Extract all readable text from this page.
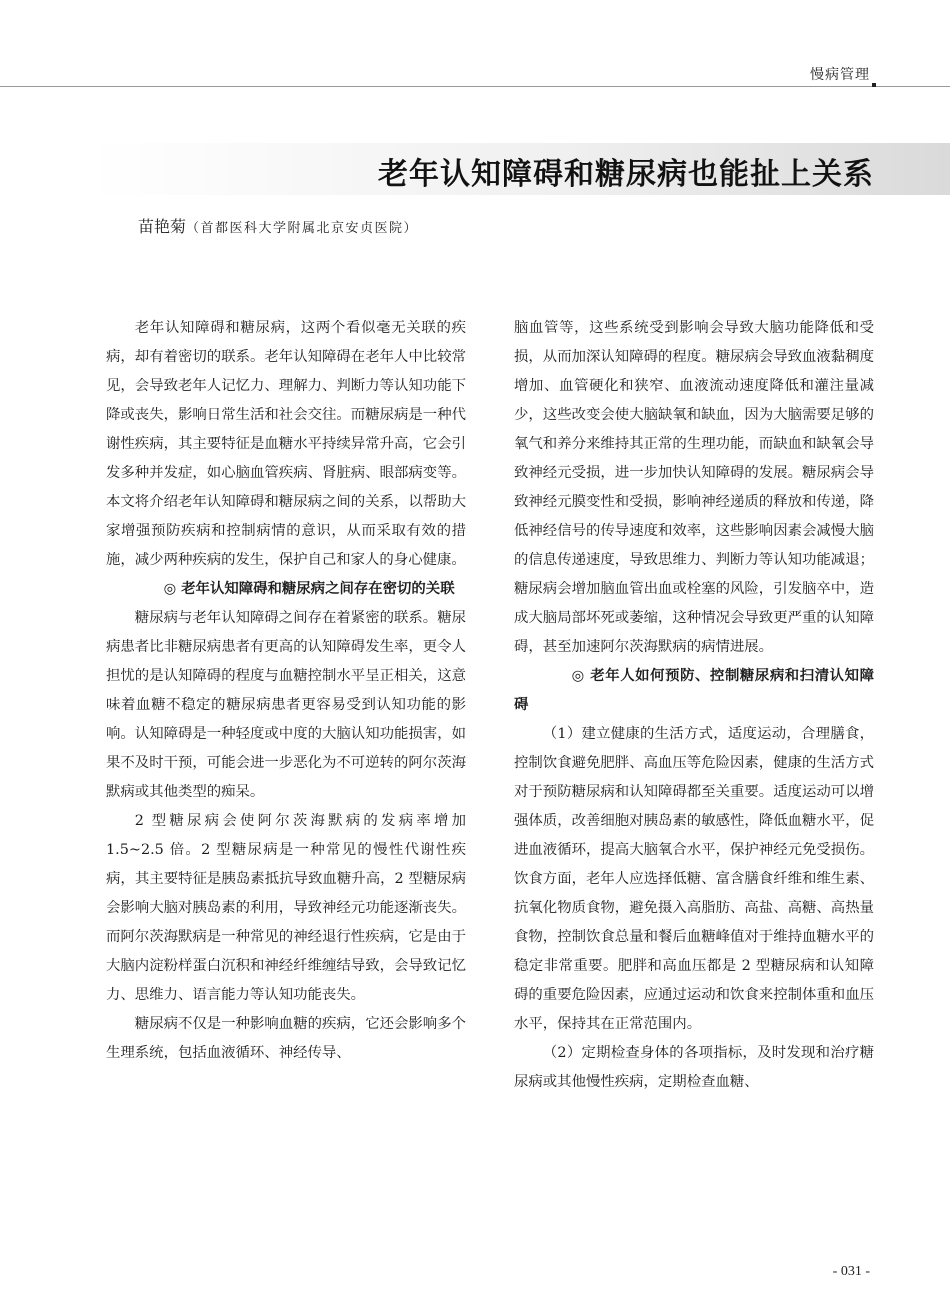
慢病管理
老年认知障碍和糖尿病也能扯上关系
苗艳菊（首都医科大学附属北京安贞医院）

老年认知障碍和糖尿病，这两个看似毫无关联的疾病，却有着密切的联系。老年认知障碍在老年人中比较常见，会导致老年人记忆力、理解力、判断力等认知功能下降或丧失，影响日常生活和社会交往。而糖尿病是一种代谢性疾病，其主要特征是血糖水平持续异常升高，它会引发多种并发症，如心脑血管疾病、肾脏病、眼部病变等。本文将介绍老年认知障碍和糖尿病之间的关系，以帮助大家增强预防疾病和控制病情的意识，从而采取有效的措施，减少两种疾病的发生，保护自己和家人的身心健康。

◎ 老年认知障碍和糖尿病之间存在密切的关联

糖尿病与老年认知障碍之间存在着紧密的联系。糖尿病患者比非糖尿病患者有更高的认知障碍发生率，更令人担忧的是认知障碍的程度与血糖控制水平呈正相关，这意味着血糖不稳定的糖尿病患者更容易受到认知功能的影响。认知障碍是一种轻度或中度的大脑认知功能损害，如果不及时干预，可能会进一步恶化为不可逆转的阿尔茨海默病或其他类型的痴呆。

2 型糖尿病会使阿尔茨海默病的发病率增加 1.5~2.5 倍。2 型糖尿病是一种常见的慢性代谢性疾病，其主要特征是胰岛素抵抗导致血糖升高，2 型糖尿病会影响大脑对胰岛素的利用，导致神经元功能逐渐丧失。而阿尔茨海默病是一种常见的神经退行性疾病，它是由于大脑内淀粉样蛋白沉积和神经纤维缠结导致，会导致记忆力、思维力、语言能力等认知功能丧失。

糖尿病不仅是一种影响血糖的疾病，它还会影响多个生理系统，包括血液循环、神经传导、

脑血管等，这些系统受到影响会导致大脑功能降低和受损，从而加深认知障碍的程度。糖尿病会导致血液黏稠度增加、血管硬化和狭窄、血液流动速度降低和灌注量减少，这些改变会使大脑缺氧和缺血，因为大脑需要足够的氧气和养分来维持其正常的生理功能，而缺血和缺氧会导致神经元受损，进一步加快认知障碍的发展。糖尿病会导致神经元膜变性和受损，影响神经递质的释放和传递，降低神经信号的传导速度和效率，这些影响因素会减慢大脑的信息传递速度，导致思维力、判断力等认知功能减退；糖尿病会增加脑血管出血或栓塞的风险，引发脑卒中，造成大脑局部坏死或萎缩，这种情况会导致更严重的认知障碍，甚至加速阿尔茨海默病的病情进展。

◎ 老年人如何预防、控制糖尿病和扫清认知障碍

（1）建立健康的生活方式，适度运动，合理膳食，控制饮食避免肥胖、高血压等危险因素，健康的生活方式对于预防糖尿病和认知障碍都至关重要。适度运动可以增强体质，改善细胞对胰岛素的敏感性，降低血糖水平，促进血液循环，提高大脑氧合水平，保护神经元免受损伤。饮食方面，老年人应选择低糖、富含膳食纤维和维生素、抗氧化物质食物，避免摄入高脂肪、高盐、高糖、高热量食物，控制饮食总量和餐后血糖峰值对于维持血糖水平的稳定非常重要。肥胖和高血压都是 2 型糖尿病和认知障碍的重要危险因素，应通过运动和饮食来控制体重和血压水平，保持其在正常范围内。

（2）定期检查身体的各项指标，及时发现和治疗糖尿病或其他慢性疾病，定期检查血糖、

- 031 -
